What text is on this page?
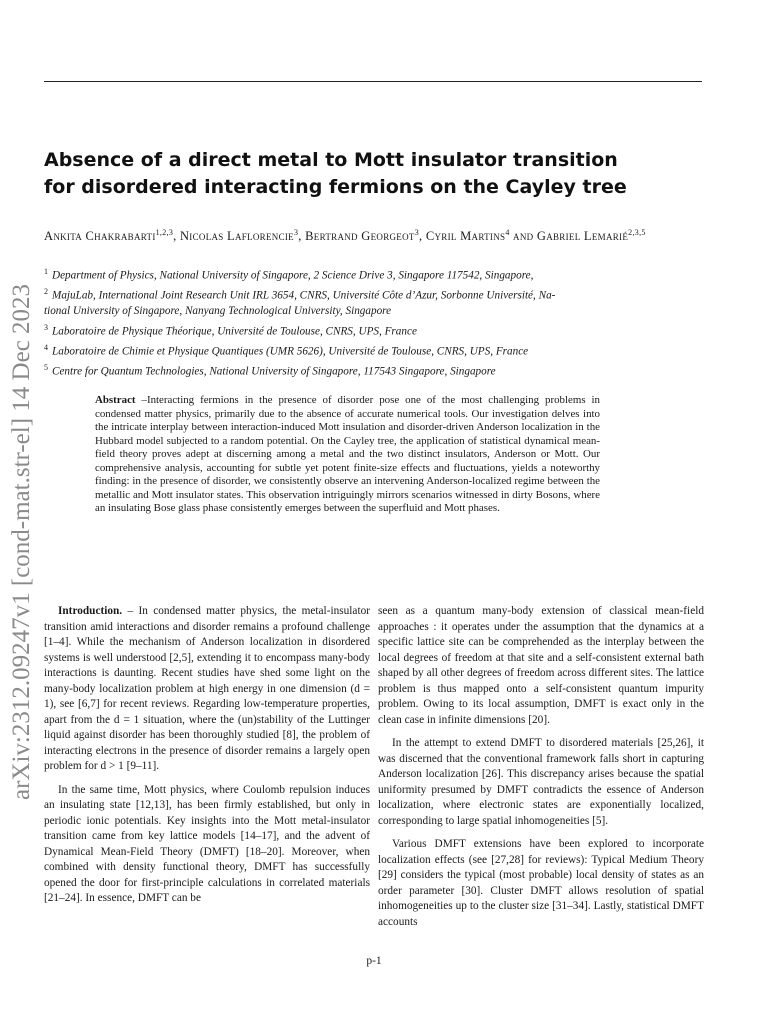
arXiv:2312.09247v1 [cond-mat.str-el] 14 Dec 2023
Absence of a direct metal to Mott insulator transition
for disordered interacting fermions on the Cayley tree
Ankita Chakrabarti$^{1,2,3}$, Nicolas Laflorencie$^3$, Bertrand Georgeot$^3$, Cyril Martins$^4$ and Gabriel Lemarié$^{2,3,5}$
$^1$ Department of Physics, National University of Singapore, 2 Science Drive 3, Singapore 117542, Singapore,
$^2$ MajuLab, International Joint Research Unit IRL 3654, CNRS, Université Côte d’Azur, Sorbonne Université, Na-
tional University of Singapore, Nanyang Technological University, Singapore
$^3$ Laboratoire de Physique Théorique, Université de Toulouse, CNRS, UPS, France
$^4$ Laboratoire de Chimie et Physique Quantiques (UMR 5626), Université de Toulouse, CNRS, UPS, France
$^5$ Centre for Quantum Technologies, National University of Singapore, 117543 Singapore, Singapore
Abstract –Interacting fermions in the presence of disorder pose one of the most challenging problems in condensed matter physics, primarily due to the absence of accurate numerical tools. Our investigation delves into the intricate interplay between interaction-induced Mott insulation and disorder-driven Anderson localization in the Hubbard model subjected to a random potential. On the Cayley tree, the application of statistical dynamical mean-field theory proves adept at discerning among a metal and the two distinct insulators, Anderson or Mott. Our comprehensive analysis, accounting for subtle yet potent finite-size effects and fluctuations, yields a noteworthy finding: in the presence of disorder, we consistently observe an intervening Anderson-localized regime between the metallic and Mott insulator states. This observation intriguingly mirrors scenarios witnessed in dirty Bosons, where an insulating Bose glass phase consistently emerges between the superfluid and Mott phases.

Introduction. – In condensed matter physics, the metal-insulator transition amid interactions and disorder remains a profound challenge [1–4]. While the mechanism of Anderson localization in disordered systems is well understood [2,5], extending it to encompass many-body interactions is daunting. Recent studies have shed some light on the many-body localization problem at high energy in one dimension (d = 1), see [6,7] for recent reviews. Regarding low-temperature properties, apart from the d = 1 situation, where the (un)stability of the Luttinger liquid against disorder has been thoroughly studied [8], the problem of interacting electrons in the presence of disorder remains a largely open problem for d > 1 [9–11].

In the same time, Mott physics, where Coulomb repulsion induces an insulating state [12,13], has been firmly established, but only in periodic ionic potentials. Key insights into the Mott metal-insulator transition came from key lattice models [14–17], and the advent of Dynamical Mean-Field Theory (DMFT) [18–20]. Moreover, when combined with density functional theory, DMFT has successfully opened the door for first-principle calculations in correlated materials [21–24]. In essence, DMFT can be

seen as a quantum many-body extension of classical mean-field approaches : it operates under the assumption that the dynamics at a specific lattice site can be comprehended as the interplay between the local degrees of freedom at that site and a self-consistent external bath shaped by all other degrees of freedom across different sites. The lattice problem is thus mapped onto a self-consistent quantum impurity problem. Owing to its local assumption, DMFT is exact only in the clean case in infinite dimensions [20].

In the attempt to extend DMFT to disordered materials [25,26], it was discerned that the conventional framework falls short in capturing Anderson localization [26]. This discrepancy arises because the spatial uniformity presumed by DMFT contradicts the essence of Anderson localization, where electronic states are exponentially localized, corresponding to large spatial inhomogeneities [5].

Various DMFT extensions have been explored to incorporate localization effects (see [27,28] for reviews): Typical Medium Theory [29] considers the typical (most probable) local density of states as an order parameter [30]. Cluster DMFT allows resolution of spatial inhomogeneities up to the cluster size [31–34]. Lastly, statistical DMFT accounts

p-1
